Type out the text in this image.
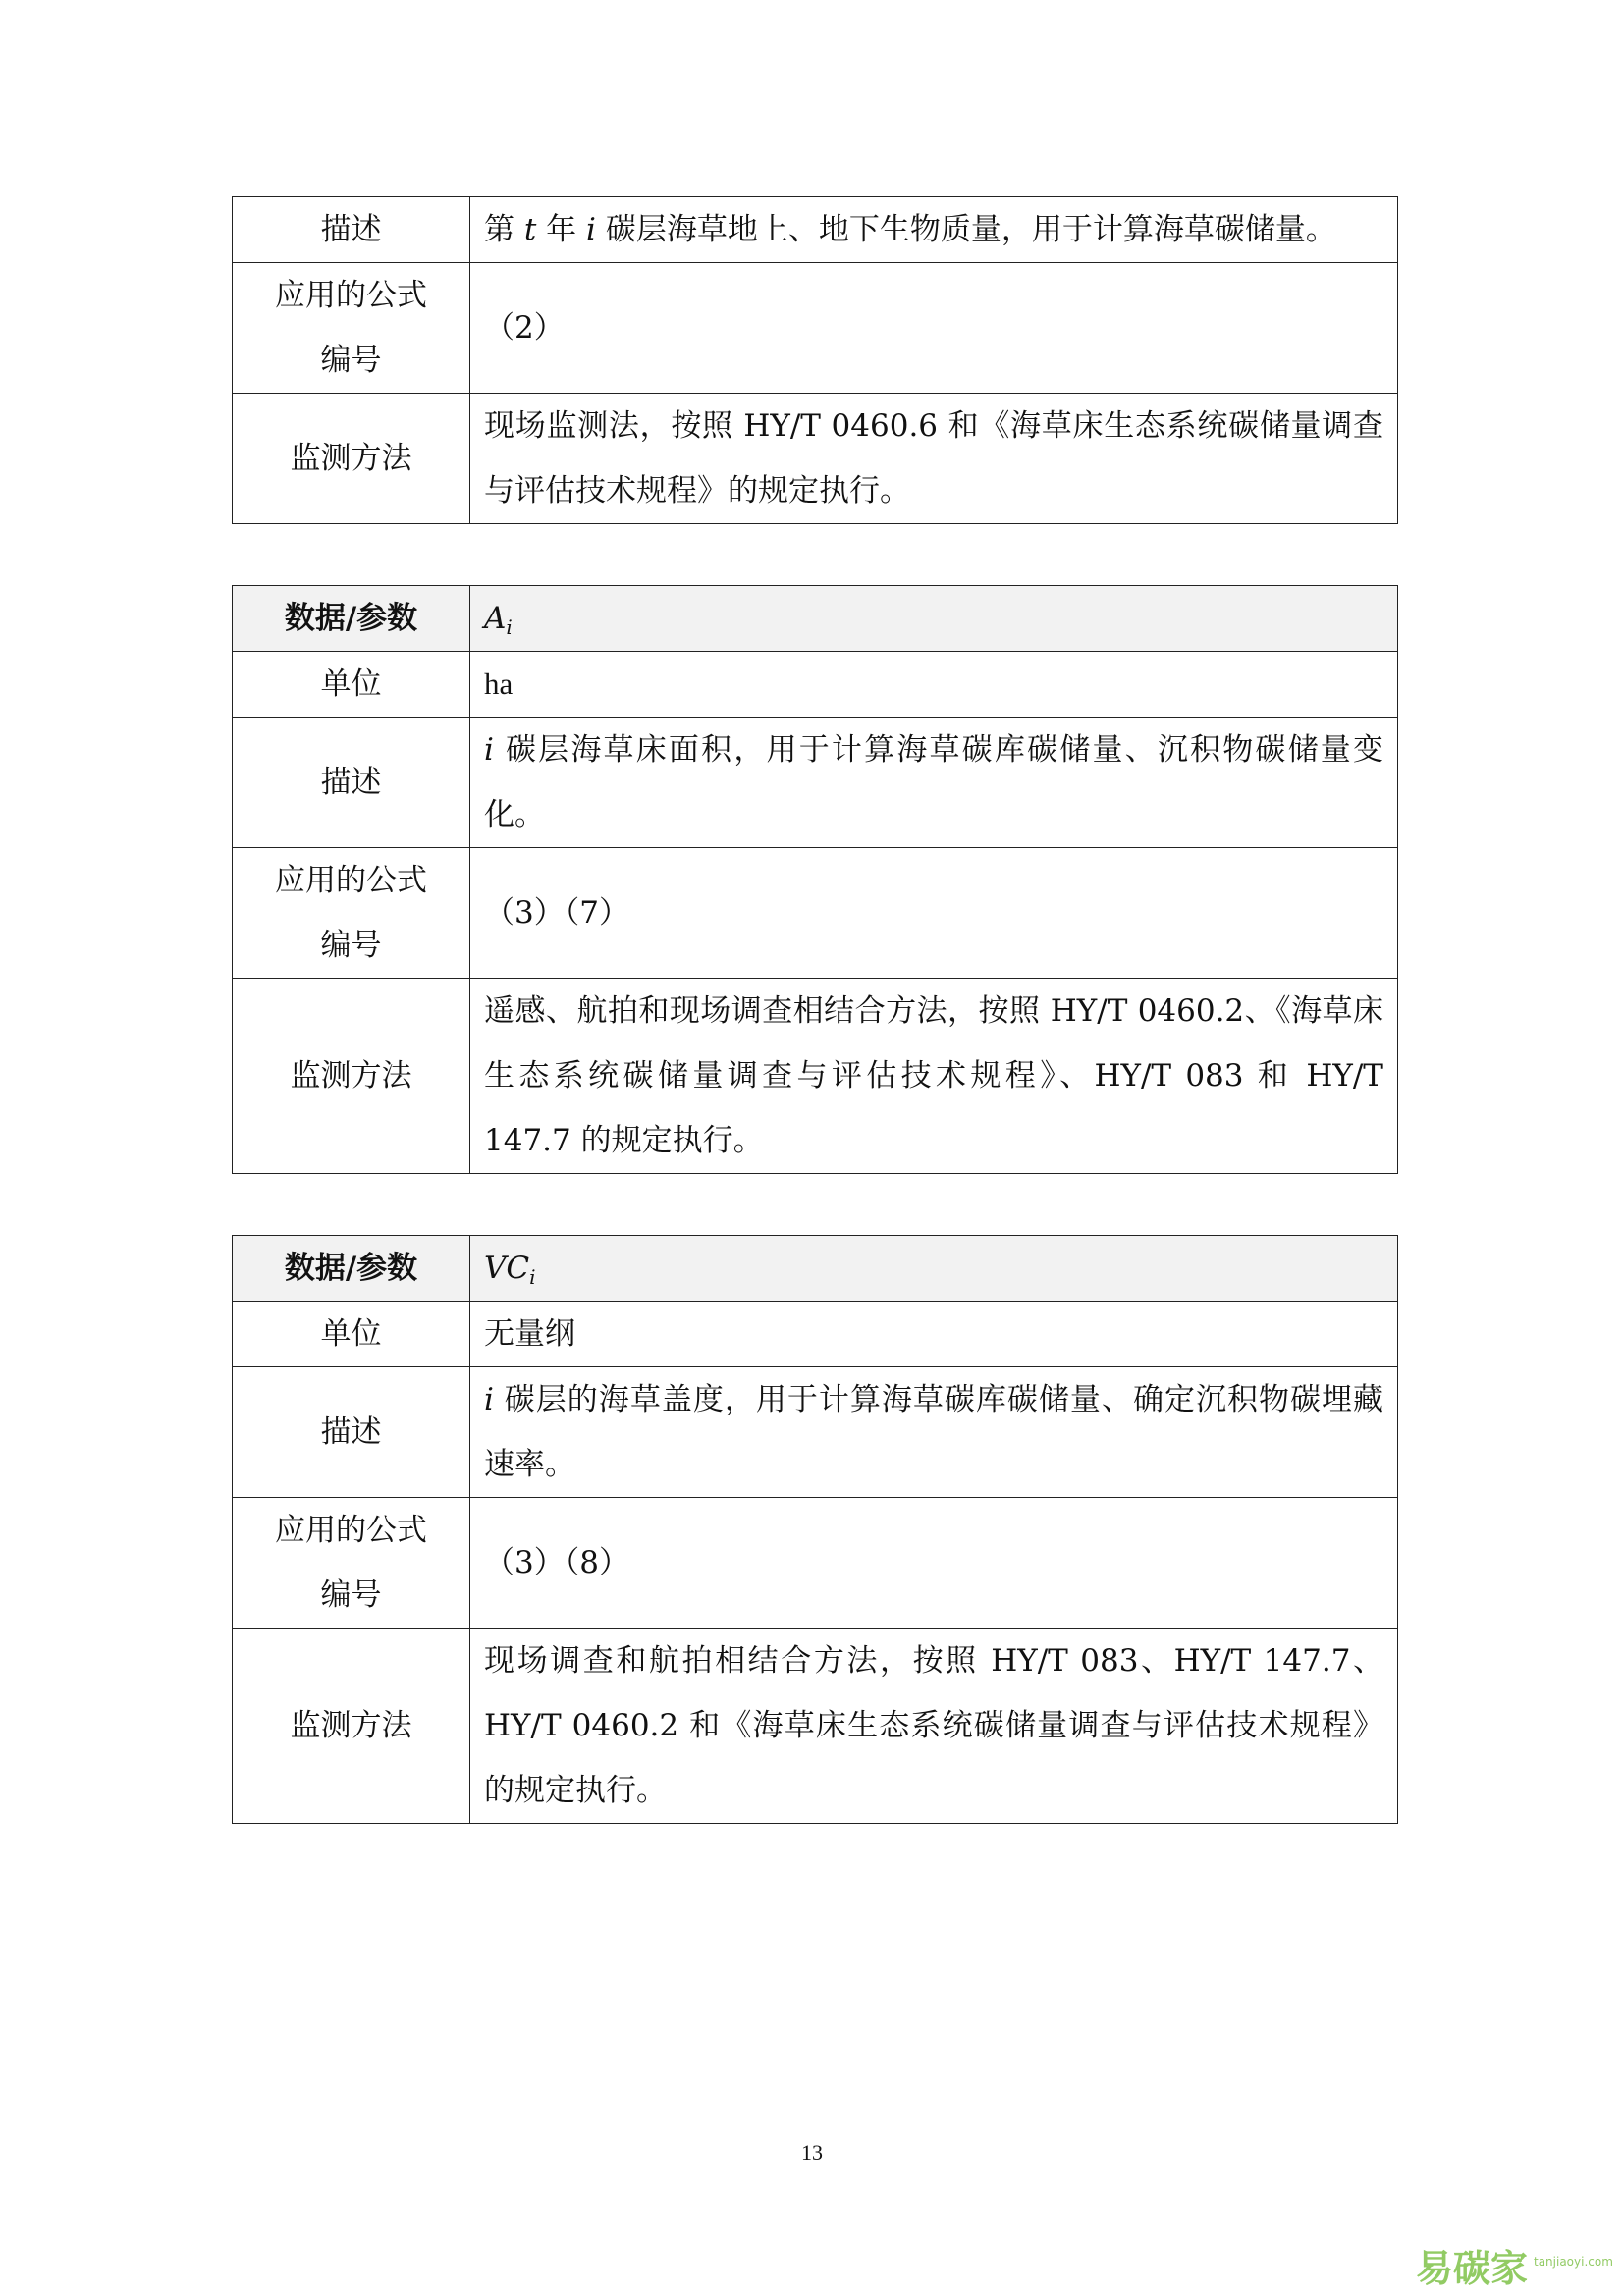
描述	第 t 年 i 碳层海草地上、地下生物质量，用于计算海草碳储量。
应用的公式
编号	（2）
监测方法	现场监测法，按照 HY/T 0460.6 和《海草床生态系统碳储量调查与评估技术规程》的规定执行。
数据/参数	$A_i$
单位	ha
描述	i 碳层海草床面积，用于计算海草碳库碳储量、沉积物碳储量变化。
应用的公式
编号	（3）（7）
监测方法	遥感、航拍和现场调查相结合方法，按照 HY/T 0460.2、《海草床生态系统碳储量调查与评估技术规程》、HY/T 083 和 HY/T 147.7 的规定执行。
数据/参数	$VC_i$
单位	无量纲
描述	i 碳层的海草盖度，用于计算海草碳库碳储量、确定沉积物碳埋藏速率。
应用的公式
编号	（3）（8）
监测方法	现场调查和航拍相结合方法，按照 HY/T 083、HY/T 147.7、HY/T 0460.2 和《海草床生态系统碳储量调查与评估技术规程》的规定执行。
13
易碳家 tanjiaoyi.com
